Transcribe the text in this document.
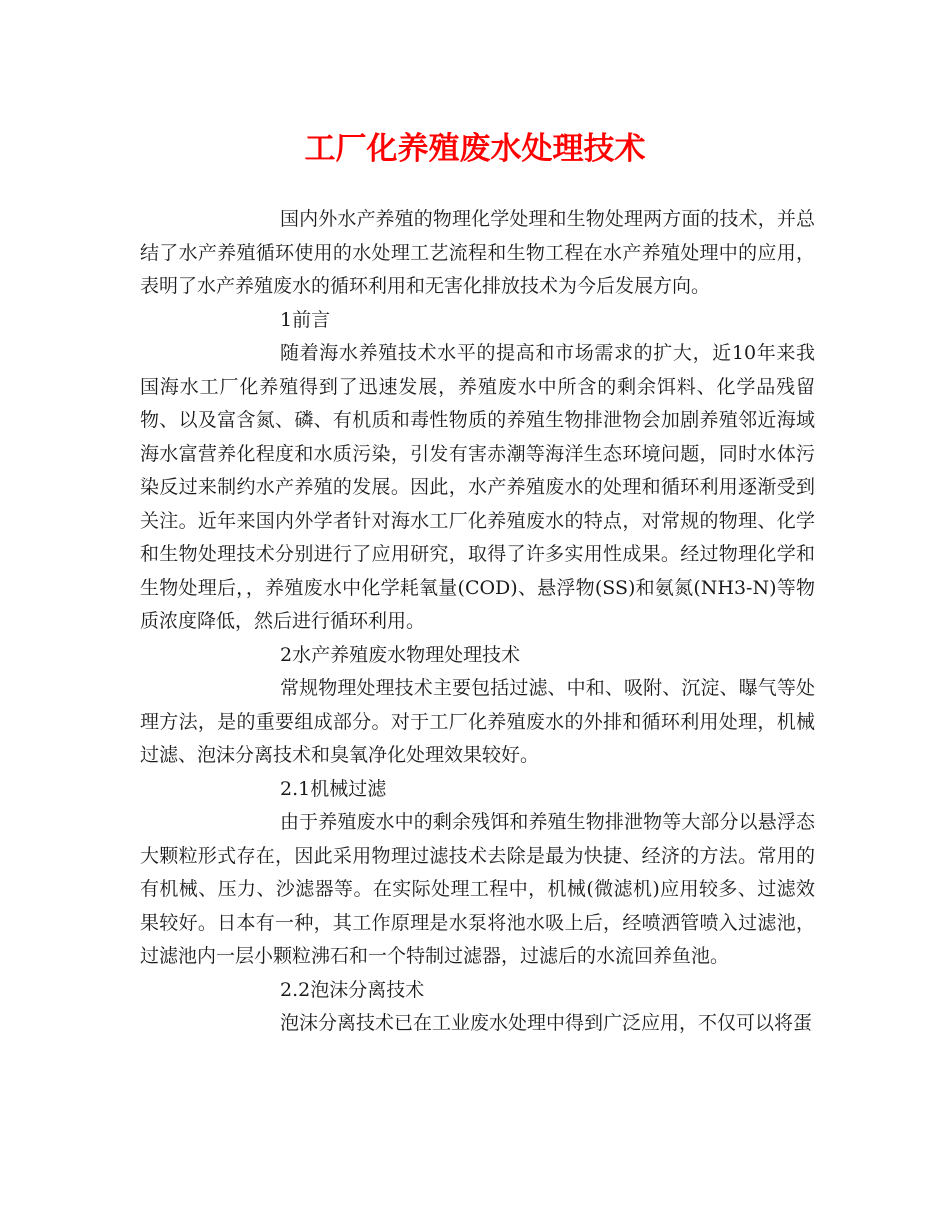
工厂化养殖废水处理技术

国内外水产养殖的物理化学处理和生物处理两方面的技术，并总结了水产养殖循环使用的水处理工艺流程和生物工程在水产养殖处理中的应用，表明了水产养殖废水的循环利用和无害化排放技术为今后发展方向。

1前言

随着海水养殖技术水平的提高和市场需求的扩大，近10年来我国海水工厂化养殖得到了迅速发展，养殖废水中所含的剩余饵料、化学品残留物、以及富含氮、磷、有机质和毒性物质的养殖生物排泄物会加剧养殖邻近海域海水富营养化程度和水质污染，引发有害赤潮等海洋生态环境问题，同时水体污染反过来制约水产养殖的发展。因此，水产养殖废水的处理和循环利用逐渐受到关注。近年来国内外学者针对海水工厂化养殖废水的特点，对常规的物理、化学和生物处理技术分别进行了应用研究，取得了许多实用性成果。经过物理化学和生物处理后，，养殖废水中化学耗氧量(COD)、悬浮物(SS)和氨氮(NH3-N)等物质浓度降低，然后进行循环利用。

2水产养殖废水物理处理技术

常规物理处理技术主要包括过滤、中和、吸附、沉淀、曝气等处理方法，是的重要组成部分。对于工厂化养殖废水的外排和循环利用处理，机械过滤、泡沫分离技术和臭氧净化处理效果较好。

2.1机械过滤

由于养殖废水中的剩余残饵和养殖生物排泄物等大部分以悬浮态大颗粒形式存在，因此采用物理过滤技术去除是最为快捷、经济的方法。常用的有机械、压力、沙滤器等。在实际处理工程中，机械(微滤机)应用较多、过滤效果较好。日本有一种，其工作原理是水泵将池水吸上后，经喷洒管喷入过滤池，过滤池内一层小颗粒沸石和一个特制过滤器，过滤后的水流回养鱼池。

2.2泡沫分离技术

泡沫分离技术已在工业废水处理中得到广泛应用，不仅可以将蛋
